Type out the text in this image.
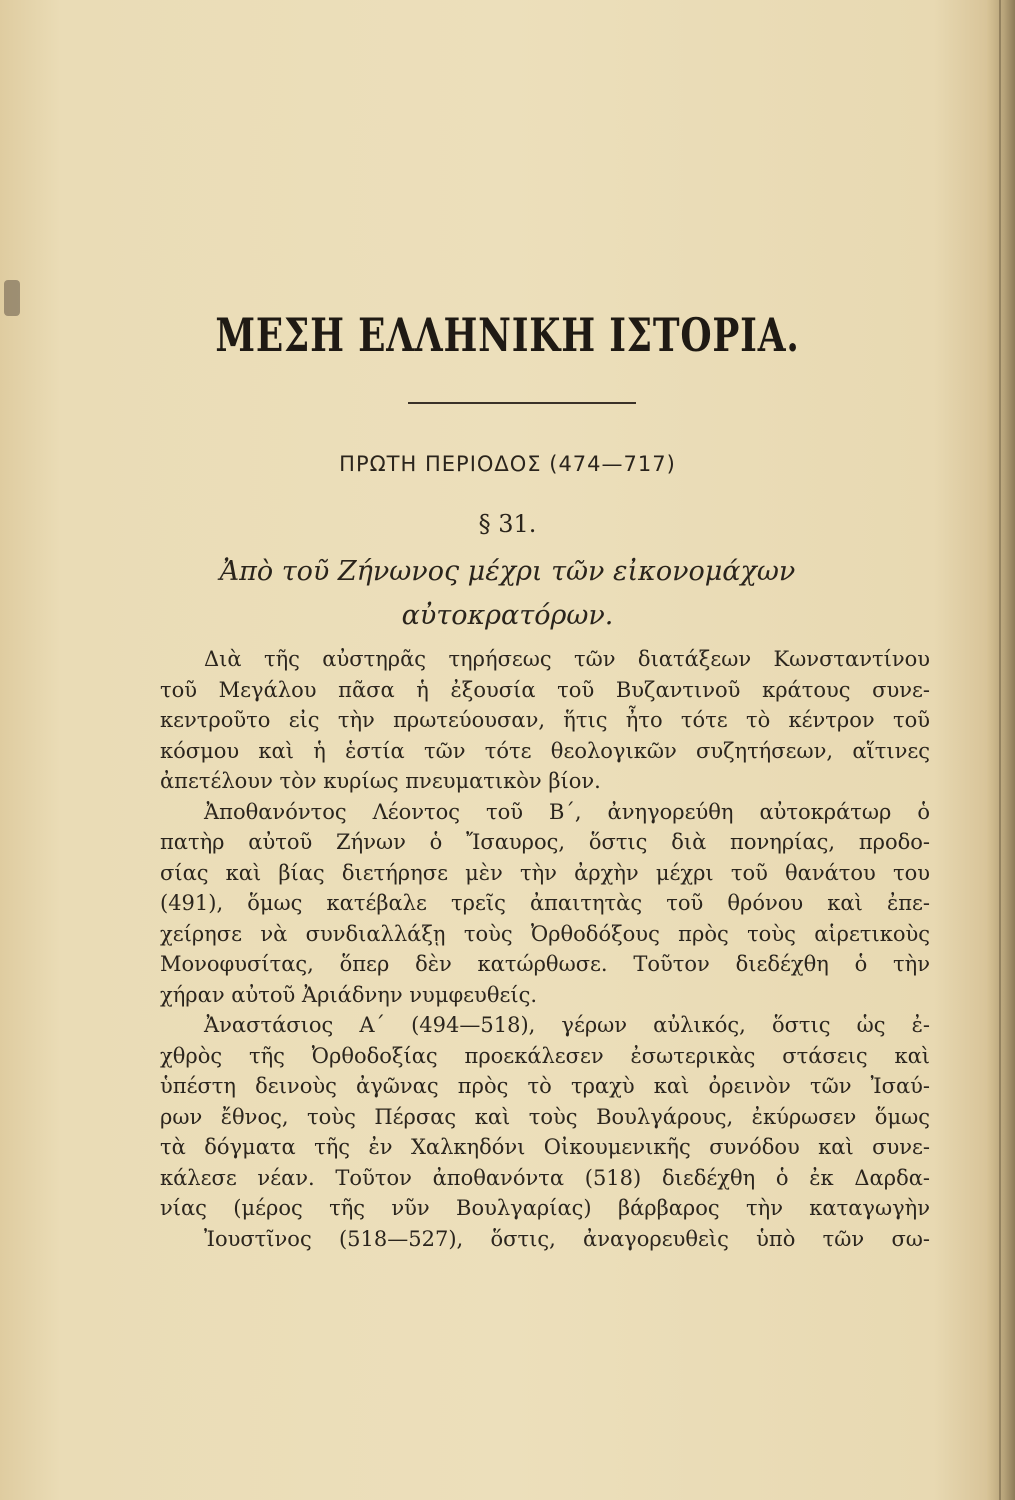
ΜΕΣΗ ΕΛΛΗΝΙΚΗ ΙΣΤΟΡΙΑ.
ΠΡΩΤΗ ΠΕΡΙΟΔΟΣ (474—717)
§ 31.
Ἀπὸ τοῦ Ζήνωνος μέχρι τῶν εἰκονομάχων
αὐτοκρατόρων.
Διὰ τῆς αὐστηρᾶς τηρήσεως τῶν διατάξεων Κωνσταντίνου
τοῦ Μεγάλου πᾶσα ἡ ἐξουσία τοῦ Βυζαντινοῦ κράτους συνε-
κεντροῦτο εἰς τὴν πρωτεύουσαν, ἥτις ἦτο τότε τὸ κέντρον τοῦ
κόσμου καὶ ἡ ἑστία τῶν τότε θεολογικῶν συζητήσεων, αἵτινες
ἀπετέλουν τὸν κυρίως πνευματικὸν βίον.
Ἀποθανόντος Λέοντος τοῦ Β΄, ἀνηγορεύθη αὐτοκράτωρ ὁ
πατὴρ αὐτοῦ Ζήνων ὁ Ἴσαυρος, ὅστις διὰ πονηρίας, προδο-
σίας καὶ βίας διετήρησε μὲν τὴν ἀρχὴν μέχρι τοῦ θανάτου του
(491), ὅμως κατέβαλε τρεῖς ἀπαιτητὰς τοῦ θρόνου καὶ ἐπε-
χείρησε νὰ συνδιαλλάξῃ τοὺς Ὀρθοδόξους πρὸς τοὺς αἱρετικοὺς
Μονοφυσίτας, ὅπερ δὲν κατώρθωσε. Τοῦτον διεδέχθη ὁ τὴν
χήραν αὐτοῦ Ἀριάδνην νυμφευθείς.
Ἀναστάσιος Α΄ (494—518), γέρων αὐλικός, ὅστις ὡς ἐ-
χθρὸς τῆς Ὀρθοδοξίας προεκάλεσεν ἐσωτερικὰς στάσεις καὶ
ὑπέστη δεινοὺς ἀγῶνας πρὸς τὸ τραχὺ καὶ ὀρεινὸν τῶν Ἰσαύ-
ρων ἔθνος, τοὺς Πέρσας καὶ τοὺς Βουλγάρους, ἐκύρωσεν ὅμως
τὰ δόγματα τῆς ἐν Χαλκηδόνι Οἰκουμενικῆς συνόδου καὶ συνε-
κάλεσε νέαν. Τοῦτον ἀποθανόντα (518) διεδέχθη ὁ ἐκ Δαρδα-
νίας (μέρος τῆς νῦν Βουλγαρίας) βάρβαρος τὴν καταγωγὴν
Ἰουστῖνος (518—527), ὅστις, ἀναγορευθεὶς ὑπὸ τῶν σω-
